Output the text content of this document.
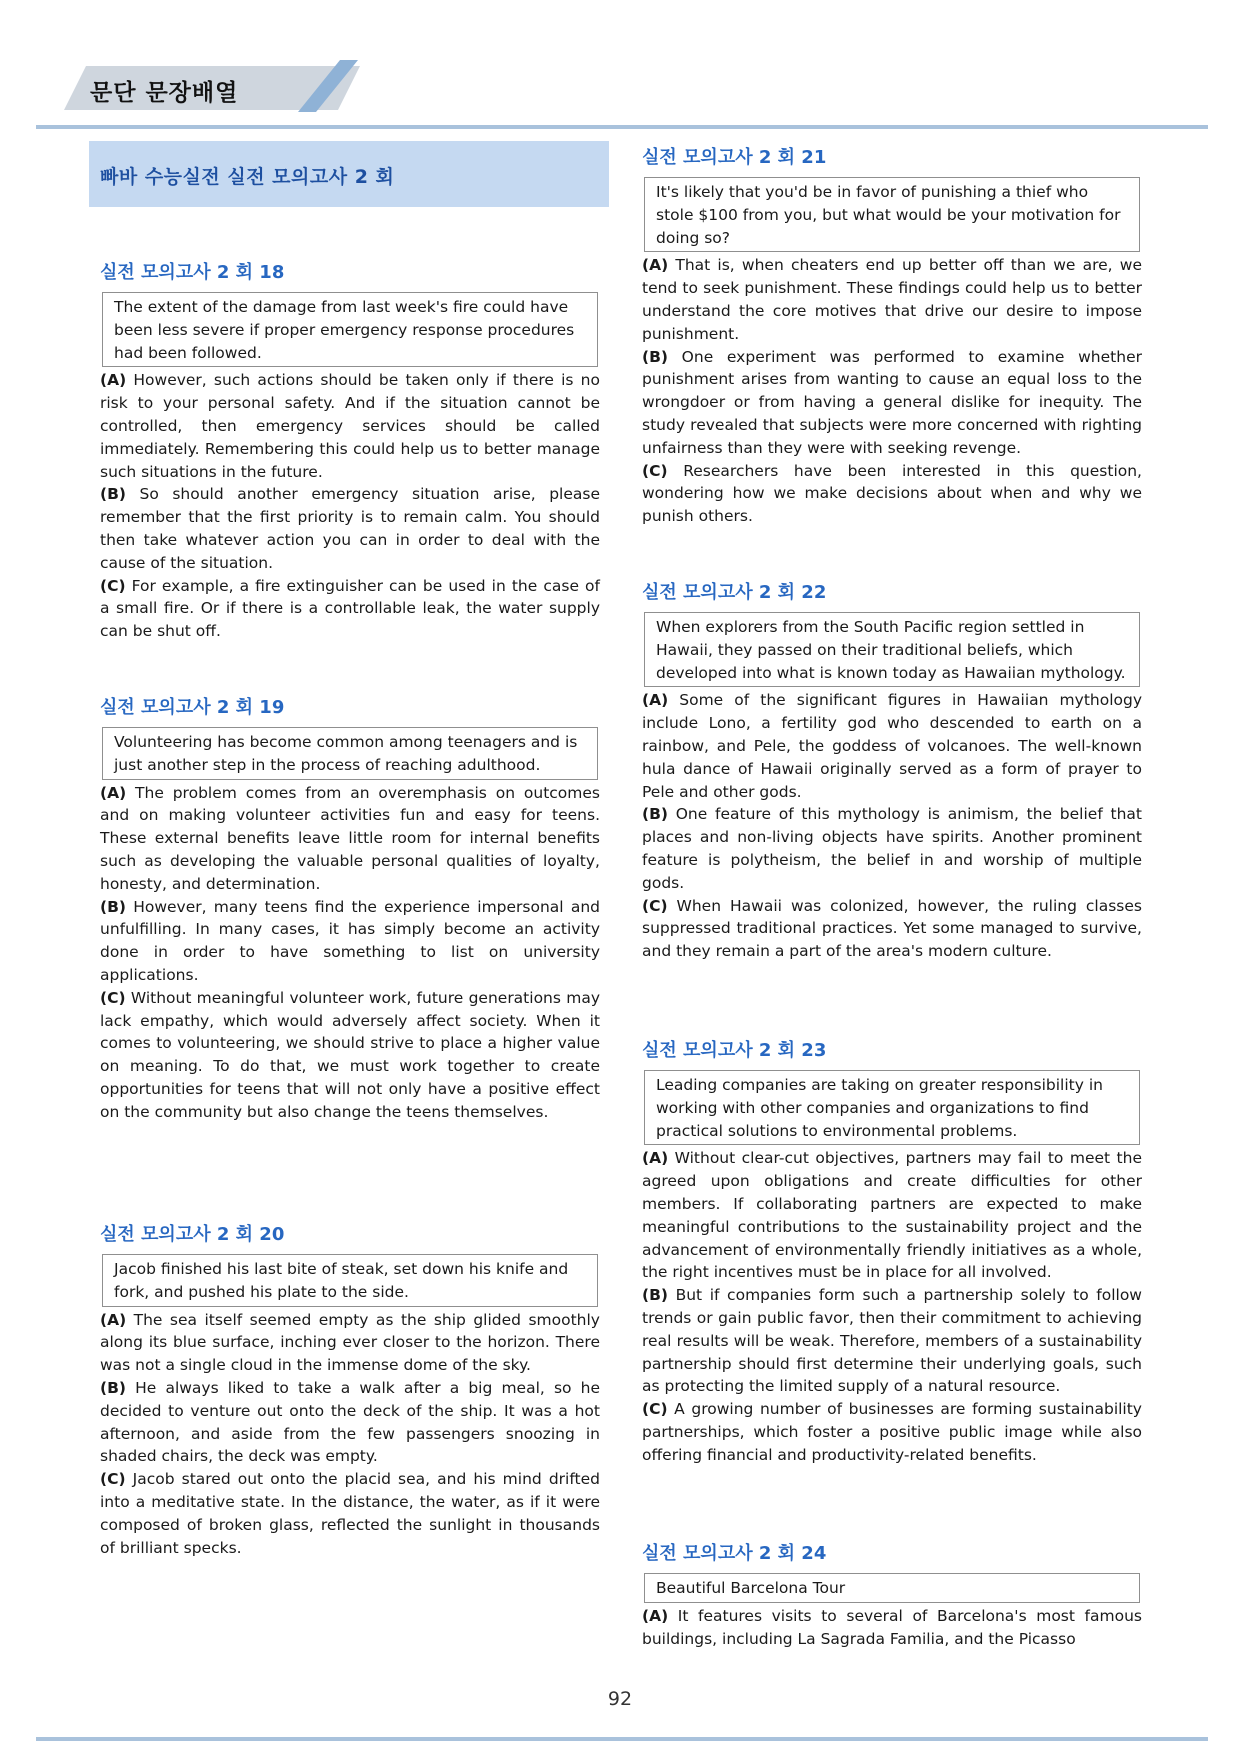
문단 문장배열
빠바 수능실전 실전 모의고사 2 회
실전 모의고사 2 회 18
The extent of the damage from last week's fire could have been less severe if proper emergency response procedures had been followed.

(A) However, such actions should be taken only if there is no risk to your personal safety. And if the situation cannot be controlled, then emergency services should be called immediately. Remembering this could help us to better manage such situations in the future.

(B) So should another emergency situation arise, please remember that the first priority is to remain calm. You should then take whatever action you can in order to deal with the cause of the situation.

(C) For example, a fire extinguisher can be used in the case of a small fire. Or if there is a controllable leak, the water supply can be shut off.

실전 모의고사 2 회 19
Volunteering has become common among teenagers and is just another step in the process of reaching adulthood.

(A) The problem comes from an overemphasis on outcomes and on making volunteer activities fun and easy for teens. These external benefits leave little room for internal benefits such as developing the valuable personal qualities of loyalty, honesty, and determination.

(B) However, many teens find the experience impersonal and unfulfilling. In many cases, it has simply become an activity done in order to have something to list on university applications.

(C) Without meaningful volunteer work, future generations may lack empathy, which would adversely affect society. When it comes to volunteering, we should strive to place a higher value on meaning. To do that, we must work together to create opportunities for teens that will not only have a positive effect on the community but also change the teens themselves.

실전 모의고사 2 회 20
Jacob finished his last bite of steak, set down his knife and fork, and pushed his plate to the side.

(A) The sea itself seemed empty as the ship glided smoothly along its blue surface, inching ever closer to the horizon. There was not a single cloud in the immense dome of the sky.

(B) He always liked to take a walk after a big meal, so he decided to venture out onto the deck of the ship. It was a hot afternoon, and aside from the few passengers snoozing in shaded chairs, the deck was empty.

(C) Jacob stared out onto the placid sea, and his mind drifted into a meditative state. In the distance, the water, as if it were composed of broken glass, reflected the sunlight in thousands of brilliant specks.

실전 모의고사 2 회 21
It's likely that you'd be in favor of punishing a thief who stole $100 from you, but what would be your motivation for doing so?

(A) That is, when cheaters end up better off than we are, we tend to seek punishment. These findings could help us to better understand the core motives that drive our desire to impose punishment.

(B) One experiment was performed to examine whether punishment arises from wanting to cause an equal loss to the wrongdoer or from having a general dislike for inequity. The study revealed that subjects were more concerned with righting unfairness than they were with seeking revenge.

(C) Researchers have been interested in this question, wondering how we make decisions about when and why we punish others.

실전 모의고사 2 회 22
When explorers from the South Pacific region settled in Hawaii, they passed on their traditional beliefs, which developed into what is known today as Hawaiian mythology.

(A) Some of the significant figures in Hawaiian mythology include Lono, a fertility god who descended to earth on a rainbow, and Pele, the goddess of volcanoes. The well-known hula dance of Hawaii originally served as a form of prayer to Pele and other gods.

(B) One feature of this mythology is animism, the belief that places and non-living objects have spirits. Another prominent feature is polytheism, the belief in and worship of multiple gods.

(C) When Hawaii was colonized, however, the ruling classes suppressed traditional practices. Yet some managed to survive, and they remain a part of the area's modern culture.

실전 모의고사 2 회 23
Leading companies are taking on greater responsibility in working with other companies and organizations to find practical solutions to environmental problems.

(A) Without clear-cut objectives, partners may fail to meet the agreed upon obligations and create difficulties for other members. If collaborating partners are expected to make meaningful contributions to the sustainability project and the advancement of environmentally friendly initiatives as a whole, the right incentives must be in place for all involved.

(B) But if companies form such a partnership solely to follow trends or gain public favor, then their commitment to achieving real results will be weak. Therefore, members of a sustainability partnership should first determine their underlying goals, such as protecting the limited supply of a natural resource.

(C) A growing number of businesses are forming sustainability partnerships, which foster a positive public image while also offering financial and productivity-related benefits.

실전 모의고사 2 회 24
Beautiful Barcelona Tour

(A) It features visits to several of Barcelona's most famous buildings, including La Sagrada Familia, and the Picasso

92
